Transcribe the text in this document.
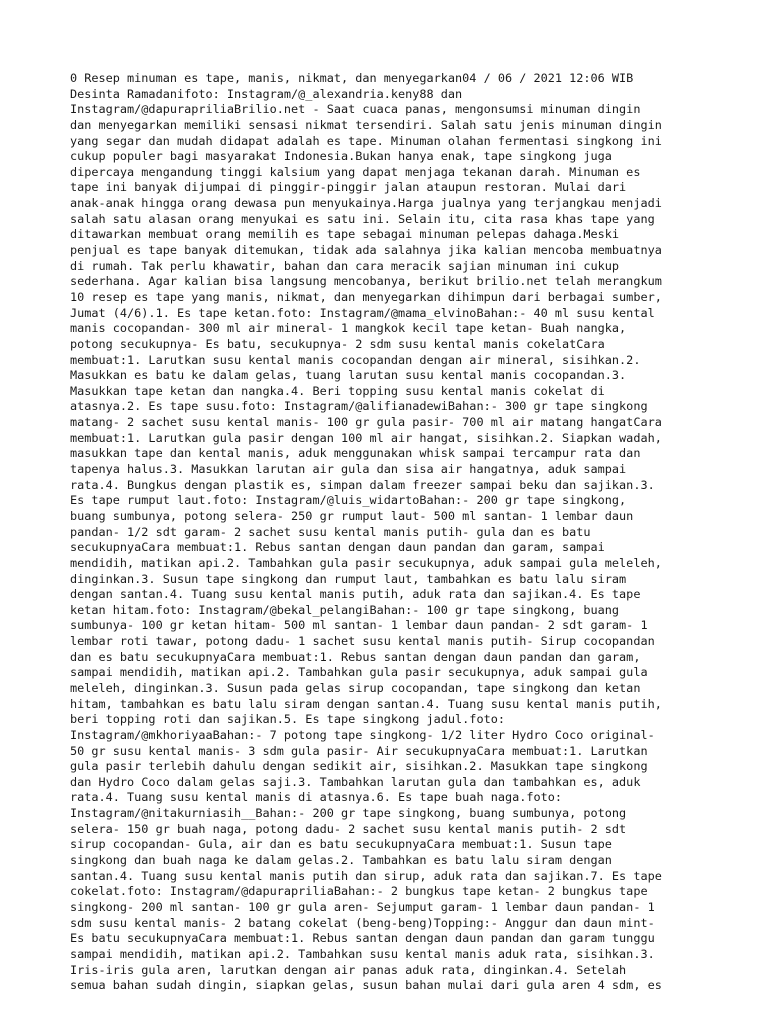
0 Resep minuman es tape, manis, nikmat, dan menyegarkan04 / 06 / 2021 12:06 WIB
Desinta Ramadanifoto: Instagram/@_alexandria.keny88 dan
Instagram/@dapurapriliaBrilio.net - Saat cuaca panas, mengonsumsi minuman dingin
dan menyegarkan memiliki sensasi nikmat tersendiri. Salah satu jenis minuman dingin
yang segar dan mudah didapat adalah es tape. Minuman olahan fermentasi singkong ini
cukup populer bagi masyarakat Indonesia.Bukan hanya enak, tape singkong juga
dipercaya mengandung tinggi kalsium yang dapat menjaga tekanan darah. Minuman es
tape ini banyak dijumpai di pinggir-pinggir jalan ataupun restoran. Mulai dari
anak-anak hingga orang dewasa pun menyukainya.Harga jualnya yang terjangkau menjadi
salah satu alasan orang menyukai es satu ini. Selain itu, cita rasa khas tape yang
ditawarkan membuat orang memilih es tape sebagai minuman pelepas dahaga.Meski
penjual es tape banyak ditemukan, tidak ada salahnya jika kalian mencoba membuatnya
di rumah. Tak perlu khawatir, bahan dan cara meracik sajian minuman ini cukup
sederhana. Agar kalian bisa langsung mencobanya, berikut brilio.net telah merangkum
10 resep es tape yang manis, nikmat, dan menyegarkan dihimpun dari berbagai sumber,
Jumat (4/6).1. Es tape ketan.foto: Instagram/@mama_elvinoBahan:- 40 ml susu kental
manis cocopandan- 300 ml air mineral- 1 mangkok kecil tape ketan- Buah nangka,
potong secukupnya- Es batu, secukupnya- 2 sdm susu kental manis cokelatCara
membuat:1. Larutkan susu kental manis cocopandan dengan air mineral, sisihkan.2.
Masukkan es batu ke dalam gelas, tuang larutan susu kental manis cocopandan.3.
Masukkan tape ketan dan nangka.4. Beri topping susu kental manis cokelat di
atasnya.2. Es tape susu.foto: Instagram/@alifianadewiBahan:- 300 gr tape singkong
matang- 2 sachet susu kental manis- 100 gr gula pasir- 700 ml air matang hangatCara
membuat:1. Larutkan gula pasir dengan 100 ml air hangat, sisihkan.2. Siapkan wadah,
masukkan tape dan kental manis, aduk menggunakan whisk sampai tercampur rata dan
tapenya halus.3. Masukkan larutan air gula dan sisa air hangatnya, aduk sampai
rata.4. Bungkus dengan plastik es, simpan dalam freezer sampai beku dan sajikan.3.
Es tape rumput laut.foto: Instagram/@luis_widartoBahan:- 200 gr tape singkong,
buang sumbunya, potong selera- 250 gr rumput laut- 500 ml santan- 1 lembar daun
pandan- 1/2 sdt garam- 2 sachet susu kental manis putih- gula dan es batu
secukupnyaCara membuat:1. Rebus santan dengan daun pandan dan garam, sampai
mendidih, matikan api.2. Tambahkan gula pasir secukupnya, aduk sampai gula meleleh,
dinginkan.3. Susun tape singkong dan rumput laut, tambahkan es batu lalu siram
dengan santan.4. Tuang susu kental manis putih, aduk rata dan sajikan.4. Es tape
ketan hitam.foto: Instagram/@bekal_pelangiBahan:- 100 gr tape singkong, buang
sumbunya- 100 gr ketan hitam- 500 ml santan- 1 lembar daun pandan- 2 sdt garam- 1
lembar roti tawar, potong dadu- 1 sachet susu kental manis putih- Sirup cocopandan
dan es batu secukupnyaCara membuat:1. Rebus santan dengan daun pandan dan garam,
sampai mendidih, matikan api.2. Tambahkan gula pasir secukupnya, aduk sampai gula
meleleh, dinginkan.3. Susun pada gelas sirup cocopandan, tape singkong dan ketan
hitam, tambahkan es batu lalu siram dengan santan.4. Tuang susu kental manis putih,
beri topping roti dan sajikan.5. Es tape singkong jadul.foto:
Instagram/@mkhoriyaaBahan:- 7 potong tape singkong- 1/2 liter Hydro Coco original-
50 gr susu kental manis- 3 sdm gula pasir- Air secukupnyaCara membuat:1. Larutkan
gula pasir terlebih dahulu dengan sedikit air, sisihkan.2. Masukkan tape singkong
dan Hydro Coco dalam gelas saji.3. Tambahkan larutan gula dan tambahkan es, aduk
rata.4. Tuang susu kental manis di atasnya.6. Es tape buah naga.foto:
Instagram/@nitakurniasih__Bahan:- 200 gr tape singkong, buang sumbunya, potong
selera- 150 gr buah naga, potong dadu- 2 sachet susu kental manis putih- 2 sdt
sirup cocopandan- Gula, air dan es batu secukupnyaCara membuat:1. Susun tape
singkong dan buah naga ke dalam gelas.2. Tambahkan es batu lalu siram dengan
santan.4. Tuang susu kental manis putih dan sirup, aduk rata dan sajikan.7. Es tape
cokelat.foto: Instagram/@dapurapriliaBahan:- 2 bungkus tape ketan- 2 bungkus tape
singkong- 200 ml santan- 100 gr gula aren- Sejumput garam- 1 lembar daun pandan- 1
sdm susu kental manis- 2 batang cokelat (beng-beng)Topping:- Anggur dan daun mint-
Es batu secukupnyaCara membuat:1. Rebus santan dengan daun pandan dan garam tunggu
sampai mendidih, matikan api.2. Tambahkan susu kental manis aduk rata, sisihkan.3.
Iris-iris gula aren, larutkan dengan air panas aduk rata, dinginkan.4. Setelah
semua bahan sudah dingin, siapkan gelas, susun bahan mulai dari gula aren 4 sdm, es
